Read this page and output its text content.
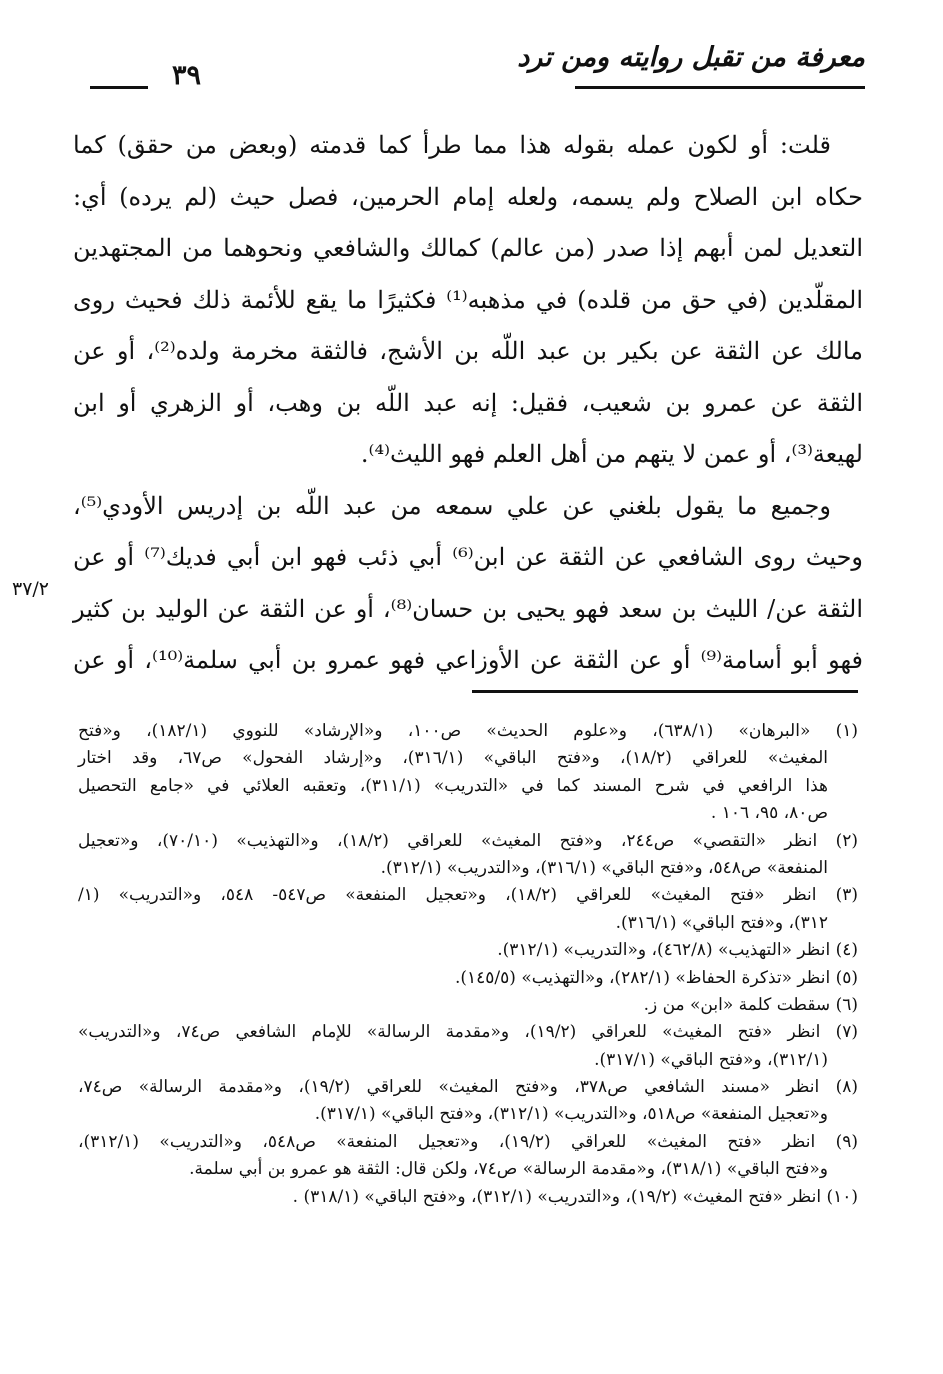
معرفة من تقبل روايته ومن ترد
٣٩
قلت: أو لكون عمله بقوله هذا مما طرأ كما قدمته (وبعض من حقق) كما
حكاه ابن الصلاح ولم يسمه، ولعله إمام الحرمين، فصل حيث (لم يرده) أي:
التعديل لمن أبهم إذا صدر (من عالم) كمالك والشافعي ونحوهما من المجتهدين
المقلّدين (في حق من قلده) في مذهبه⁽¹⁾ فكثيرًا ما يقع للأئمة ذلك فحيث روى
مالك عن الثقة عن بكير بن عبد اللّه بن الأشج، فالثقة مخرمة ولده⁽²⁾، أو عن
الثقة عن عمرو بن شعيب، فقيل: إنه عبد اللّه بن وهب، أو الزهري أو ابن
لهيعة⁽³⁾، أو عمن لا يتهم من أهل العلم فهو الليث⁽⁴⁾.
وجميع ما يقول بلغني عن علي سمعه من عبد اللّه بن إدريس الأودي⁽⁵⁾،
وحيث روى الشافعي عن الثقة عن ابن⁽⁶⁾ أبي ذئب فهو ابن أبي فديك⁽⁷⁾ أو عن
الثقة عن/ الليث بن سعد فهو يحيى بن حسان⁽⁸⁾، أو عن الثقة عن الوليد بن كثير
فهو أبو أسامة⁽⁹⁾ أو عن الثقة عن الأوزاعي فهو عمرو بن أبي سلمة⁽¹⁰⁾، أو عن
٣٧/٢
(١) «البرهان» (٦٣٨/١)، و«علوم الحديث» ص١٠٠، و«الإرشاد» للنووي (١٨٢/١)، و«فتح
المغيث» للعراقي (١٨/٢)، و«فتح الباقي» (٣١٦/١)، و«إرشاد الفحول» ص٦٧، وقد اختار
هذا الرافعي في شرح المسند كما في «التدريب» (٣١١/١)، وتعقبه العلائي في «جامع التحصيل
ص٨٠، ٩٥، ١٠٦ .
(٢) انظر «التقصي» ص٢٤٤، و«فتح المغيث» للعراقي (١٨/٢)، و«التهذيب» (٧٠/١٠)، و«تعجيل
المنفعة» ص٥٤٨، و«فتح الباقي» (٣١٦/١)، و«التدريب» (٣١٢/١).
(٣) انظر «فتح المغيث» للعراقي (١٨/٢)، و«تعجيل المنفعة» ص٥٤٧- ٥٤٨، و«التدريب» (١/
٣١٢)، و«فتح الباقي» (٣١٦/١).
(٤) انظر «التهذيب» (٤٦٢/٨)، و«التدريب» (٣١٢/١).
(٥) انظر «تذكرة الحفاظ» (٢٨٢/١)، و«التهذيب» (١٤٥/٥).
(٦) سقطت كلمة «ابن» من ز.
(٧) انظر «فتح المغيث» للعراقي (١٩/٢)، و«مقدمة الرسالة» للإمام الشافعي ص٧٤، و«التدريب»
(٣١٢/١)، و«فتح الباقي» (٣١٧/١).
(٨) انظر «مسند الشافعي ص٣٧٨، و«فتح المغيث» للعراقي (١٩/٢)، و«مقدمة الرسالة» ص٧٤،
و«تعجيل المنفعة» ص٥١٨، و«التدريب» (٣١٢/١)، و«فتح الباقي» (٣١٧/١).
(٩) انظر «فتح المغيث» للعراقي (١٩/٢)، و«تعجيل المنفعة» ص٥٤٨، و«التدريب» (٣١٢/١)،
و«فتح الباقي» (٣١٨/١)، و«مقدمة الرسالة» ص٧٤، ولكن قال: الثقة هو عمرو بن أبي سلمة.
(١٠) انظر «فتح المغيث» (١٩/٢)، و«التدريب» (٣١٢/١)، و«فتح الباقي» (٣١٨/١) .
